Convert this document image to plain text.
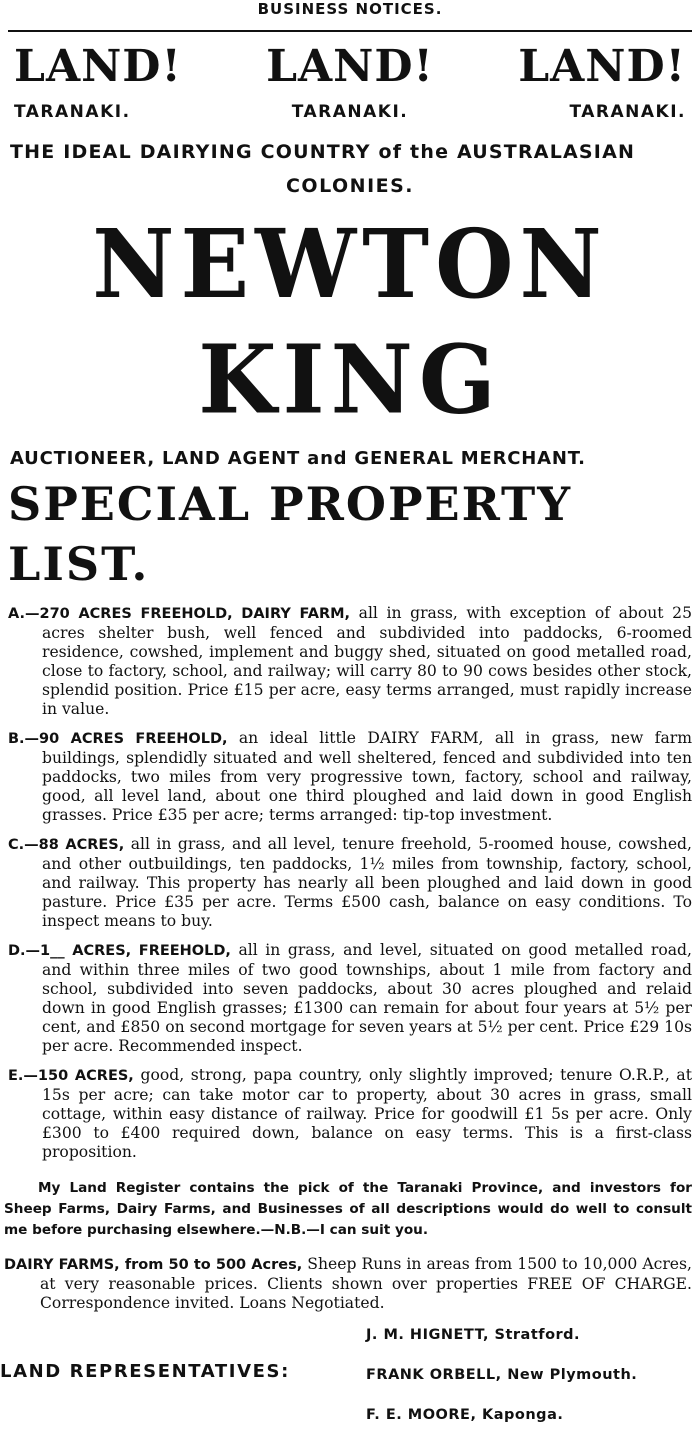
BUSINESS NOTICES.
LAND! LAND! LAND!
TARANAKI.	TARANAKI.	TARANAKI.
THE IDEAL DAIRYING COUNTRY of the AUSTRALASIAN
COLONIES.
NEWTON KING
AUCTIONEER, LAND AGENT and GENERAL MERCHANT.
SPECIAL PROPERTY LIST.
A.—270 ACRES FREEHOLD, DAIRY FARM, all in grass, with exception of about 25 acres shelter bush, well fenced and subdivided into paddocks, 6-roomed residence, cowshed, implement and buggy shed, situated on good metalled road, close to factory, school, and railway; will carry 80 to 90 cows besides other stock, splendid position. Price £15 per acre, easy terms arranged, must rapidly increase in value.
B.—90 ACRES FREEHOLD, an ideal little DAIRY FARM, all in grass, new farm buildings, splendidly situated and well sheltered, fenced and subdivided into ten paddocks, two miles from very progressive town, factory, school and railway, good, all level land, about one third ploughed and laid down in good English grasses. Price £35 per acre; terms arranged: tip-top investment.
C.—88 ACRES, all in grass, and all level, tenure freehold, 5-roomed house, cowshed, and other outbuildings, ten paddocks, 1½ miles from township, factory, school, and railway. This property has nearly all been ploughed and laid down in good pasture. Price £35 per acre. Terms £500 cash, balance on easy conditions. To inspect means to buy.
D.—1__ ACRES, FREEHOLD, all in grass, and level, situated on good metalled road, and within three miles of two good townships, about 1 mile from factory and school, subdivided into seven paddocks, about 30 acres ploughed and relaid down in good English grasses; £1300 can remain for about four years at 5½ per cent, and £850 on second mortgage for seven years at 5½ per cent. Price £29 10s per acre. Recommended inspect.
E.—150 ACRES, good, strong, papa country, only slightly improved; tenure O.R.P., at 15s per acre; can take motor car to property, about 30 acres in grass, small cottage, within easy distance of railway. Price for goodwill £1 5s per acre. Only £300 to £400 required down, balance on easy terms. This is a first-class proposition.
My Land Register contains the pick of the Taranaki Province, and investors for Sheep Farms, Dairy Farms, and Businesses of all descriptions would do well to consult me before purchasing elsewhere.—N.B.—I can suit you.
DAIRY FARMS, from 50 to 500 Acres, Sheep Runs in areas from 1500 to 10,000 Acres, at very reasonable prices. Clients shown over properties FREE OF CHARGE. Correspondence invited. Loans Negotiated.
LAND REPRESENTATIVES:
J. M. HIGNETT, Stratford.
FRANK ORBELL, New Plymouth.
F. E. MOORE, Kaponga.
